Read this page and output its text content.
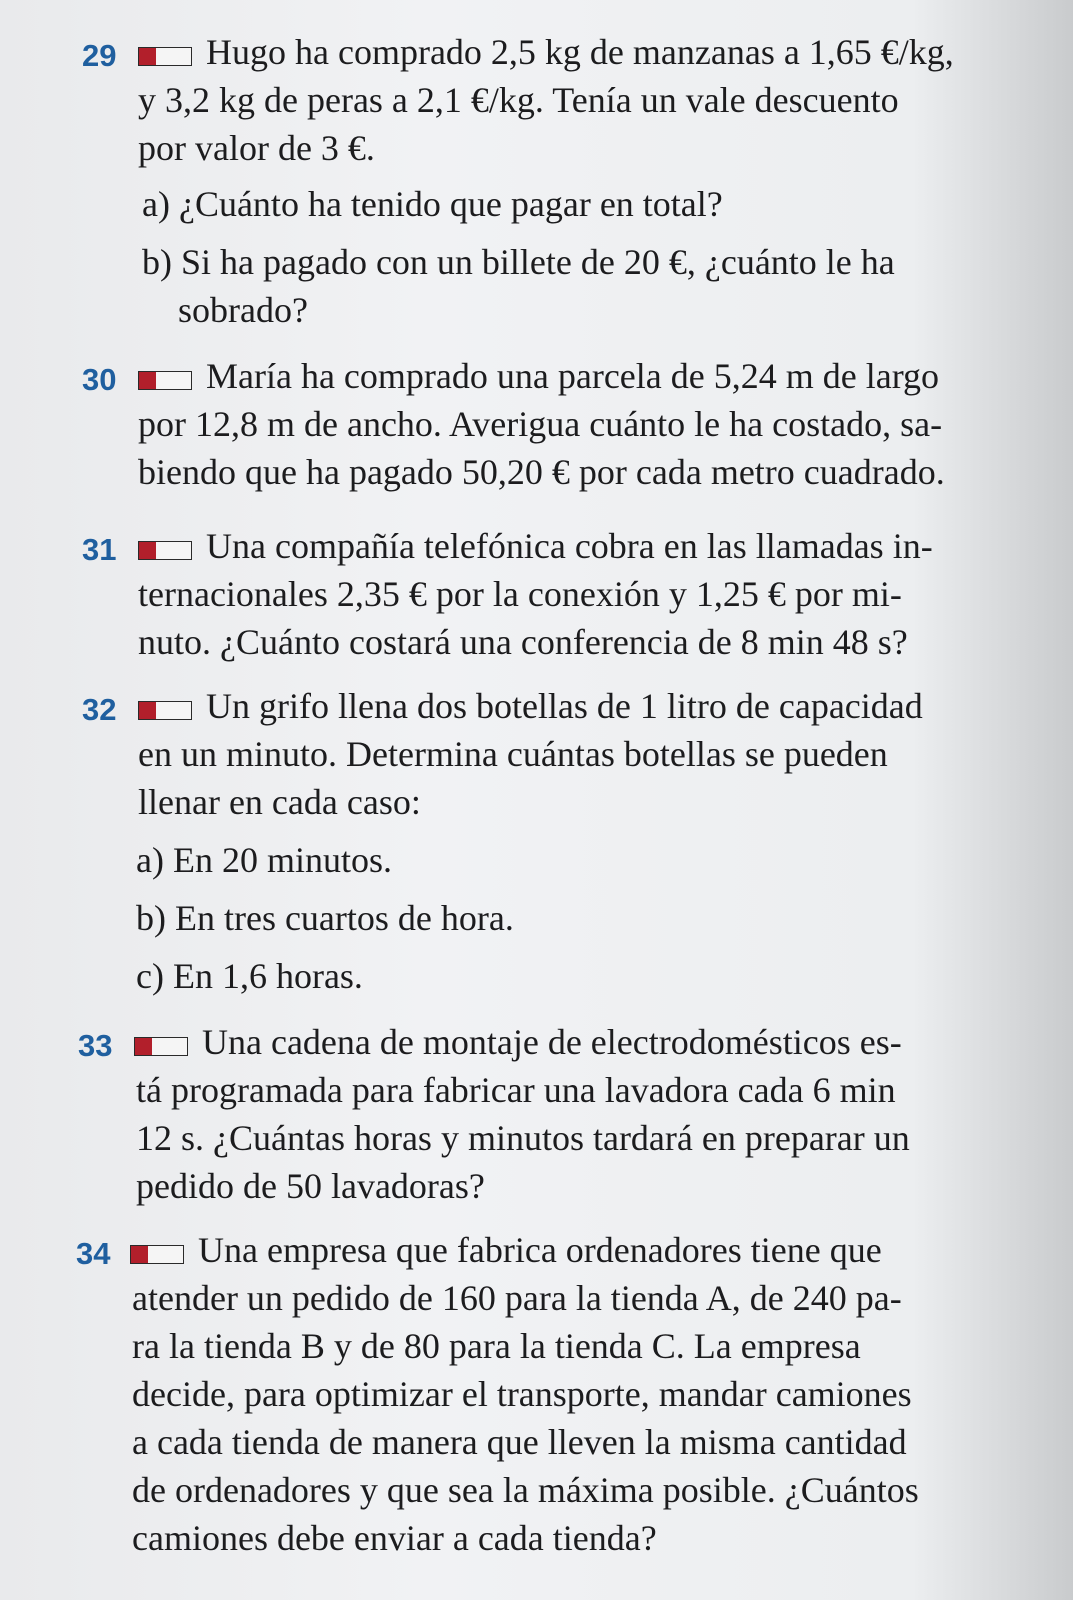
29 Hugo ha comprado 2,5 kg de manzanas a 1,65 €/kg,
y 3,2 kg de peras a 2,1 €/kg. Tenía un vale descuento
por valor de 3 €.
a) ¿Cuánto ha tenido que pagar en total?
b) Si ha pagado con un billete de 20 €, ¿cuánto le ha
sobrado?
30 María ha comprado una parcela de 5,24 m de largo
por 12,8 m de ancho. Averigua cuánto le ha costado, sa-
biendo que ha pagado 50,20 € por cada metro cuadrado.
31 Una compañía telefónica cobra en las llamadas in-
ternacionales 2,35 € por la conexión y 1,25 € por mi-
nuto. ¿Cuánto costará una conferencia de 8 min 48 s?
32 Un grifo llena dos botellas de 1 litro de capacidad
en un minuto. Determina cuántas botellas se pueden
llenar en cada caso:
a) En 20 minutos.
b) En tres cuartos de hora.
c) En 1,6 horas.
33 Una cadena de montaje de electrodomésticos es-
tá programada para fabricar una lavadora cada 6 min
12 s. ¿Cuántas horas y minutos tardará en preparar un
pedido de 50 lavadoras?
34 Una empresa que fabrica ordenadores tiene que
atender un pedido de 160 para la tienda A, de 240 pa-
ra la tienda B y de 80 para la tienda C. La empresa
decide, para optimizar el transporte, mandar camiones
a cada tienda de manera que lleven la misma cantidad
de ordenadores y que sea la máxima posible. ¿Cuántos
camiones debe enviar a cada tienda?
